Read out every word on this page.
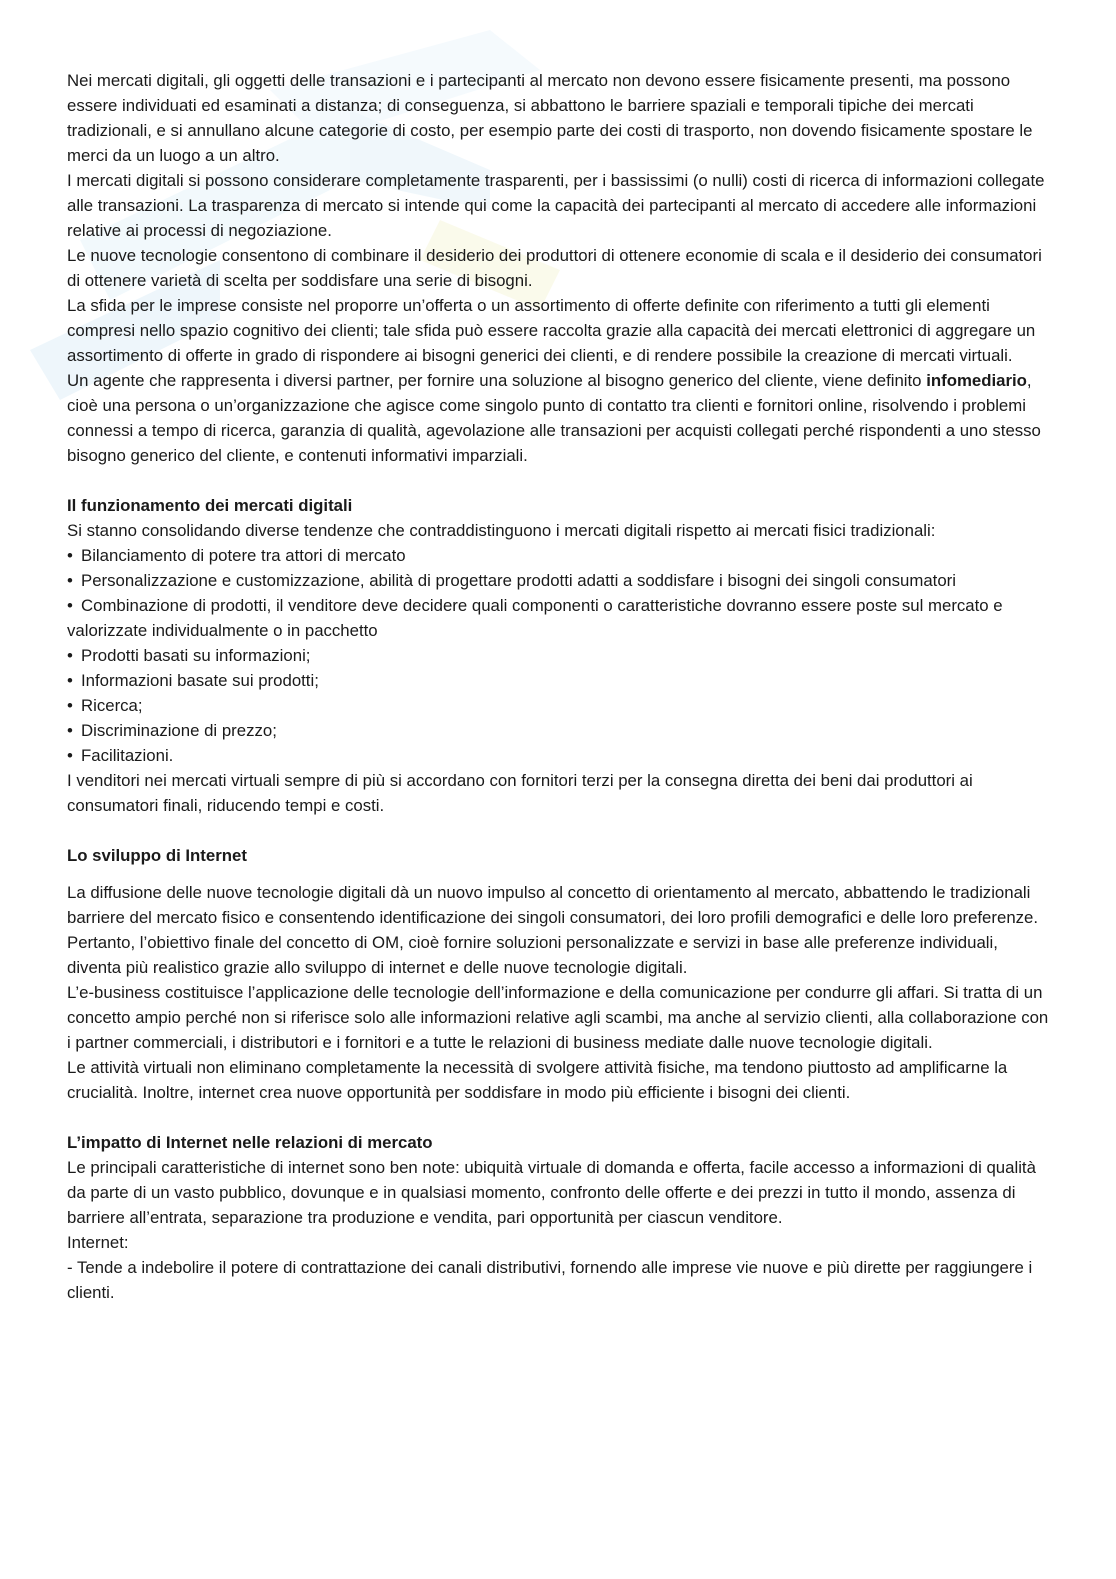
Nei mercati digitali, gli oggetti delle transazioni e i partecipanti al mercato non devono essere fisicamente presenti, ma possono essere individuati ed esaminati a distanza; di conseguenza, si abbattono le barriere spaziali e temporali tipiche dei mercati tradizionali, e si annullano alcune categorie di costo, per esempio parte dei costi di trasporto, non dovendo fisicamente spostare le merci da un luogo a un altro.

I mercati digitali si possono considerare completamente trasparenti, per i bassissimi (o nulli) costi di ricerca di informazioni collegate alle transazioni. La trasparenza di mercato si intende qui come la capacità dei partecipanti al mercato di accedere alle informazioni relative ai processi di negoziazione.

Le nuove tecnologie consentono di combinare il desiderio dei produttori di ottenere economie di scala e il desiderio dei consumatori di ottenere varietà di scelta per soddisfare una serie di bisogni.

La sfida per le imprese consiste nel proporre un’offerta o un assortimento di offerte definite con riferimento a tutti gli elementi compresi nello spazio cognitivo dei clienti; tale sfida può essere raccolta grazie alla capacità dei mercati elettronici di aggregare un assortimento di offerte in grado di rispondere ai bisogni generici dei clienti, e di rendere possibile la creazione di mercati virtuali.

Un agente che rappresenta i diversi partner, per fornire una soluzione al bisogno generico del cliente, viene definito infomediario, cioè una persona o un’organizzazione che agisce come singolo punto di contatto tra clienti e fornitori online, risolvendo i problemi connessi a tempo di ricerca, garanzia di qualità, agevolazione alle transazioni per acquisti collegati perché rispondenti a uno stesso bisogno generico del cliente, e contenuti informativi imparziali.

Il funzionamento dei mercati digitali

Si stanno consolidando diverse tendenze che contraddistinguono i mercati digitali rispetto ai mercati fisici tradizionali:

• Bilanciamento di potere tra attori di mercato
• Personalizzazione e customizzazione, abilità di progettare prodotti adatti a soddisfare i bisogni dei singoli consumatori
• Combinazione di prodotti, il venditore deve decidere quali componenti o caratteristiche dovranno essere poste sul mercato e valorizzate individualmente o in pacchetto
• Prodotti basati su informazioni;
• Informazioni basate sui prodotti;
• Ricerca;
• Discriminazione di prezzo;
• Facilitazioni.

I venditori nei mercati virtuali sempre di più si accordano con fornitori terzi per la consegna diretta dei beni dai produttori ai consumatori finali, riducendo tempi e costi.

Lo sviluppo di Internet

La diffusione delle nuove tecnologie digitali dà un nuovo impulso al concetto di orientamento al mercato, abbattendo le tradizionali barriere del mercato fisico e consentendo identificazione dei singoli consumatori, dei loro profili demografici e delle loro preferenze. Pertanto, l’obiettivo finale del concetto di OM, cioè fornire soluzioni personalizzate e servizi in base alle preferenze individuali, diventa più realistico grazie allo sviluppo di internet e delle nuove tecnologie digitali.

L’e-business costituisce l’applicazione delle tecnologie dell’informazione e della comunicazione per condurre gli affari. Si tratta di un concetto ampio perché non si riferisce solo alle informazioni relative agli scambi, ma anche al servizio clienti, alla collaborazione con i partner commerciali, i distributori e i fornitori e a tutte le relazioni di business mediate dalle nuove tecnologie digitali.

Le attività virtuali non eliminano completamente la necessità di svolgere attività fisiche, ma tendono piuttosto ad amplificarne la crucialità. Inoltre, internet crea nuove opportunità per soddisfare in modo più efficiente i bisogni dei clienti.

L’impatto di Internet nelle relazioni di mercato

Le principali caratteristiche di internet sono ben note: ubiquità virtuale di domanda e offerta, facile accesso a informazioni di qualità da parte di un vasto pubblico, dovunque e in qualsiasi momento, confronto delle offerte e dei prezzi in tutto il mondo, assenza di barriere all’entrata, separazione tra produzione e vendita, pari opportunità per ciascun venditore.

Internet:

- Tende a indebolire il potere di contrattazione dei canali distributivi, fornendo alle imprese vie nuove e più dirette per raggiungere i clienti.
